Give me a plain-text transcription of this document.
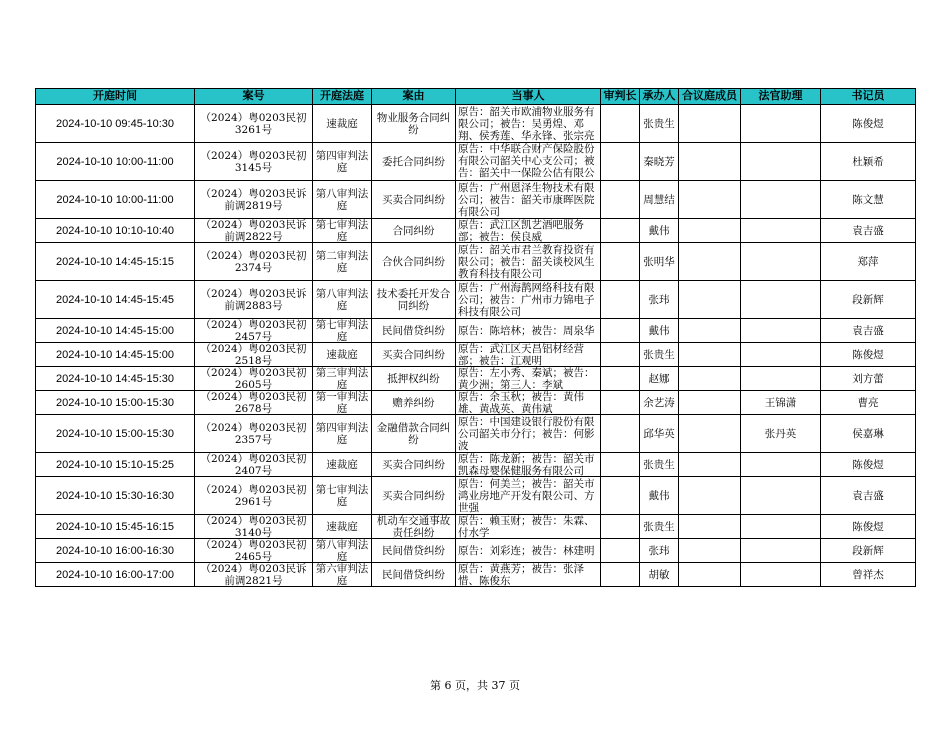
开庭时间	案号	开庭法庭	案由	当事人	审判长	承办人	合议庭成员	法官助理	书记员

2024-10-10 09:45-10:30	（2024）粤0203民初3261号	速裁庭	物业服务合同纠纷	原告：韶关市欧浦物业服务有限公司；被告：吴勇煌、邓翔、侯秀莲、华永锋、张宗亮		张贵生			陈俊煜

2024-10-10 10:00-11:00	（2024）粤0203民初3145号	第四审判法庭	委托合同纠纷	原告：中华联合财产保险股份有限公司韶关中心支公司；被告：韶关中一保险公估有限公		秦晓芳			杜颖希

2024-10-10 10:00-11:00	（2024）粤0203民诉前调2819号	第八审判法庭	买卖合同纠纷	原告：广州恩泽生物技术有限公司；被告：韶关市康晖医院有限公司		周慧结			陈文慧

2024-10-10 10:10-10:40	（2024）粤0203民诉前调2822号	第七审判法庭	合同纠纷	原告：武江区凯艺酒吧服务部；被告：侯良威		戴伟			袁吉盛

2024-10-10 14:45-15:15	（2024）粤0203民初2374号	第二审判法庭	合伙合同纠纷	原告：韶关市君兰教育投资有限公司；被告：韶关谈校风生教育科技有限公司		张明华			郑萍

2024-10-10 14:45-15:45	（2024）粤0203民诉前调2883号	第八审判法庭	技术委托开发合同纠纷	原告：广州海鹊网络科技有限公司；被告：广州市力锦电子科技有限公司		张玮			段新辉

2024-10-10 14:45-15:00	（2024）粤0203民初2457号	第七审判法庭	民间借贷纠纷	原告：陈培林；被告：周泉华		戴伟			袁吉盛

2024-10-10 14:45-15:00	（2024）粤0203民初2518号	速裁庭	买卖合同纠纷	原告：武江区天昌铝材经营部；被告：江观明		张贵生			陈俊煜

2024-10-10 14:45-15:30	（2024）粤0203民初2605号	第三审判法庭	抵押权纠纷	原告：左小秀、秦斌；被告：黄少洲；第三人：李斌		赵娜			刘方蕾

2024-10-10 15:00-15:30	（2024）粤0203民初2678号	第一审判法庭	赡养纠纷	原告：余玉秋；被告：黄伟雄、黄战英、黄伟斌		余艺涛		王锦潇	曹亮

2024-10-10 15:00-15:30	（2024）粤0203民初2357号	第四审判法庭	金融借款合同纠纷	原告：中国建设银行股份有限公司韶关市分行；被告：何影波		邱华英		张丹英	侯嘉琳

2024-10-10 15:10-15:25	（2024）粤0203民初2407号	速裁庭	买卖合同纠纷	原告：陈龙新；被告：韶关市凯森母婴保健服务有限公司		张贵生			陈俊煜

2024-10-10 15:30-16:30	（2024）粤0203民初2961号	第七审判法庭	买卖合同纠纷	原告：何美兰；被告：韶关市鸿业房地产开发有限公司、方世强		戴伟			袁吉盛

2024-10-10 15:45-16:15	（2024）粤0203民初3140号	速裁庭	机动车交通事故责任纠纷	原告：赖玉财；被告：朱霖、付水学		张贵生			陈俊煜

2024-10-10 16:00-16:30	（2024）粤0203民初2465号	第八审判法庭	民间借贷纠纷	原告：刘彩连；被告：林建明		张玮			段新辉

2024-10-10 16:00-17:00	（2024）粤0203民诉前调2821号	第六审判法庭	民间借贷纠纷	原告：黄燕芳；被告：张泽惜、陈俊东		胡敏			曾祥杰
第 6 页，共 37 页
